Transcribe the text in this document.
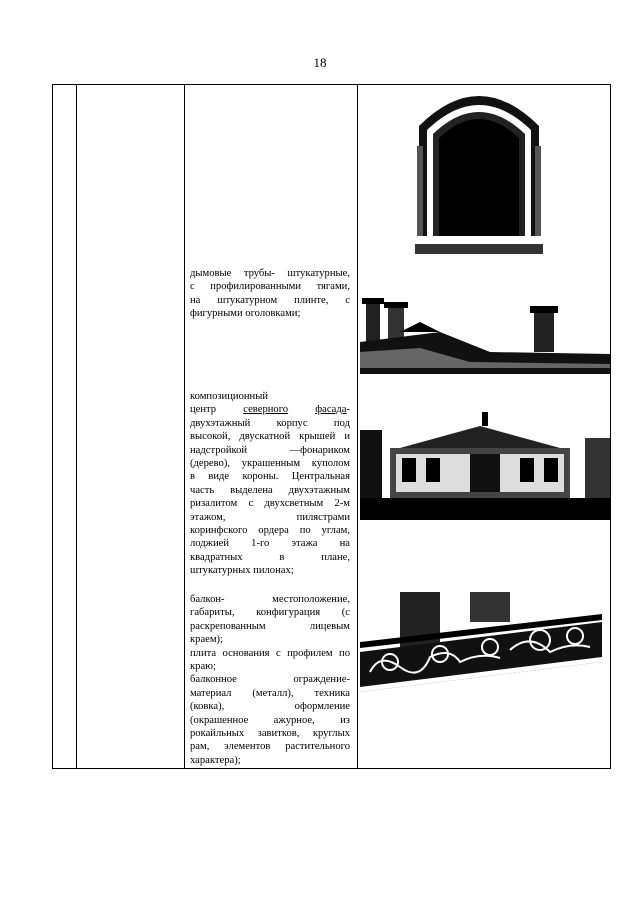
18
дымовые трубы- штукатурные,
с профилированными тягами,
на штукатурном плинте, с
фигурными оголовками;
композиционный
центр северного	фасада-
двухэтажный корпус под
высокой, двускатной крышей и
надстройкой —фонариком
(дерево), украшенным куполом
в виде короны. Центральная
часть выделена двухэтажным
ризалитом с двухсветным 2-м
этажом, пилястрами
коринфского ордера по углам,
лоджией 1-го этажа на
квадратных в плане,
штукатурных пилонах;
балкон- местоположение,
габариты, конфигурация (с
раскрепованным лицевым
краем);
плита основания с профилем по
краю;
балконное ограждение-
материал (металл), техника
(ковка), оформление
(окрашенное ажурное, из
рокайльных завитков, круглых
рам, элементов растительного
характера);
